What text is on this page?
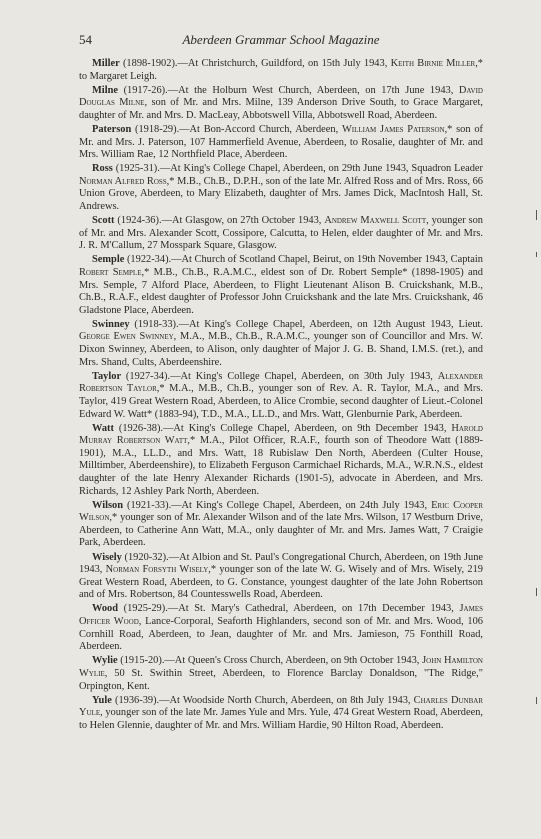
54	Aberdeen Grammar School Magazine

Miller (1898-1902).—At Christchurch, Guildford, on 15th July 1943, Keith Birnie Miller,* to Margaret Leigh.

Milne (1917-26).—At the Holburn West Church, Aberdeen, on 17th June 1943, David Douglas Milne, son of Mr. and Mrs. Milne, 139 Anderson Drive South, to Grace Margaret, daughter of Mr. and Mrs. D. MacLeay, Abbotswell Villa, Abbotswell Road, Aberdeen.

Paterson (1918-29).—At Bon-Accord Church, Aberdeen, William James Paterson,* son of Mr. and Mrs. J. Paterson, 107 Hammerfield Avenue, Aberdeen, to Rosalie, daughter of Mr. and Mrs. William Rae, 12 Northfield Place, Aberdeen.

Ross (1925-31).—At King's College Chapel, Aberdeen, on 29th June 1943, Squadron Leader Norman Alfred Ross,* M.B., Ch.B., D.P.H., son of the late Mr. Alfred Ross and of Mrs. Ross, 66 Union Grove, Aberdeen, to Mary Elizabeth, daughter of Mrs. James Dick, MacIntosh Hall, St. Andrews.

Scott (1924-36).—At Glasgow, on 27th October 1943, Andrew Maxwell Scott, younger son of Mr. and Mrs. Alexander Scott, Cossipore, Calcutta, to Helen, elder daughter of Mr. and Mrs. J. R. M'Callum, 27 Mosspark Square, Glasgow.

Semple (1922-34).—At Church of Scotland Chapel, Beirut, on 19th November 1943, Captain Robert Semple,* M.B., Ch.B., R.A.M.C., eldest son of Dr. Robert Semple* (1898-1905) and Mrs. Semple, 7 Alford Place, Aberdeen, to Flight Lieutenant Alison B. Cruickshank, M.B., Ch.B., R.A.F., eldest daughter of Professor John Cruickshank and the late Mrs. Cruickshank, 46 Gladstone Place, Aberdeen.

Swinney (1918-33).—At King's College Chapel, Aberdeen, on 12th August 1943, Lieut. George Ewen Swinney, M.A., M.B., Ch.B., R.A.M.C., younger son of Councillor and Mrs. W. Dixon Swinney, Aberdeen, to Alison, only daughter of Major J. G. B. Shand, I.M.S. (ret.), and Mrs. Shand, Cults, Aberdeenshire.

Taylor (1927-34).—At King's College Chapel, Aberdeen, on 30th July 1943, Alexander Robertson Taylor,* M.A., M.B., Ch.B., younger son of Rev. A. R. Taylor, M.A., and Mrs. Taylor, 419 Great Western Road, Aberdeen, to Alice Crombie, second daughter of Lieut.-Colonel Edward W. Watt* (1883-94), T.D., M.A., LL.D., and Mrs. Watt, Glenburnie Park, Aberdeen.

Watt (1926-38).—At King's College Chapel, Aberdeen, on 9th December 1943, Harold Murray Robertson Watt,* M.A., Pilot Officer, R.A.F., fourth son of Theodore Watt (1889-1901), M.A., LL.D., and Mrs. Watt, 18 Rubislaw Den North, Aberdeen (Culter House, Milltimber, Aberdeenshire), to Elizabeth Ferguson Carmichael Richards, M.A., W.R.N.S., eldest daughter of the late Henry Alexander Richards (1901-5), advocate in Aberdeen, and Mrs. Richards, 12 Ashley Park North, Aberdeen.

Wilson (1921-33).—At King's College Chapel, Aberdeen, on 24th July 1943, Eric Cooper Wilson,* younger son of Mr. Alexander Wilson and of the late Mrs. Wilson, 17 Westburn Drive, Aberdeen, to Catherine Ann Watt, M.A., only daughter of Mr. and Mrs. James Watt, 7 Craigie Park, Aberdeen.

Wisely (1920-32).—At Albion and St. Paul's Congregational Church, Aberdeen, on 19th June 1943, Norman Forsyth Wisely,* younger son of the late W. G. Wisely and of Mrs. Wisely, 219 Great Western Road, Aberdeen, to G. Constance, youngest daughter of the late John Robertson and of Mrs. Robertson, 84 Countesswells Road, Aberdeen.

Wood (1925-29).—At St. Mary's Cathedral, Aberdeen, on 17th December 1943, James Officer Wood, Lance-Corporal, Seaforth Highlanders, second son of Mr. and Mrs. Wood, 106 Cornhill Road, Aberdeen, to Jean, daughter of Mr. and Mrs. Jamieson, 75 Fonthill Road, Aberdeen.

Wylie (1915-20).—At Queen's Cross Church, Aberdeen, on 9th October 1943, John Hamilton Wylie, 50 St. Swithin Street, Aberdeen, to Florence Barclay Donaldson, "The Ridge," Orpington, Kent.

Yule (1936-39).—At Woodside North Church, Aberdeen, on 8th July 1943, Charles Dunbar Yule, younger son of the late Mr. James Yule and Mrs. Yule, 474 Great Western Road, Aberdeen, to Helen Glennie, daughter of Mr. and Mrs. William Hardie, 90 Hilton Road, Aberdeen.
